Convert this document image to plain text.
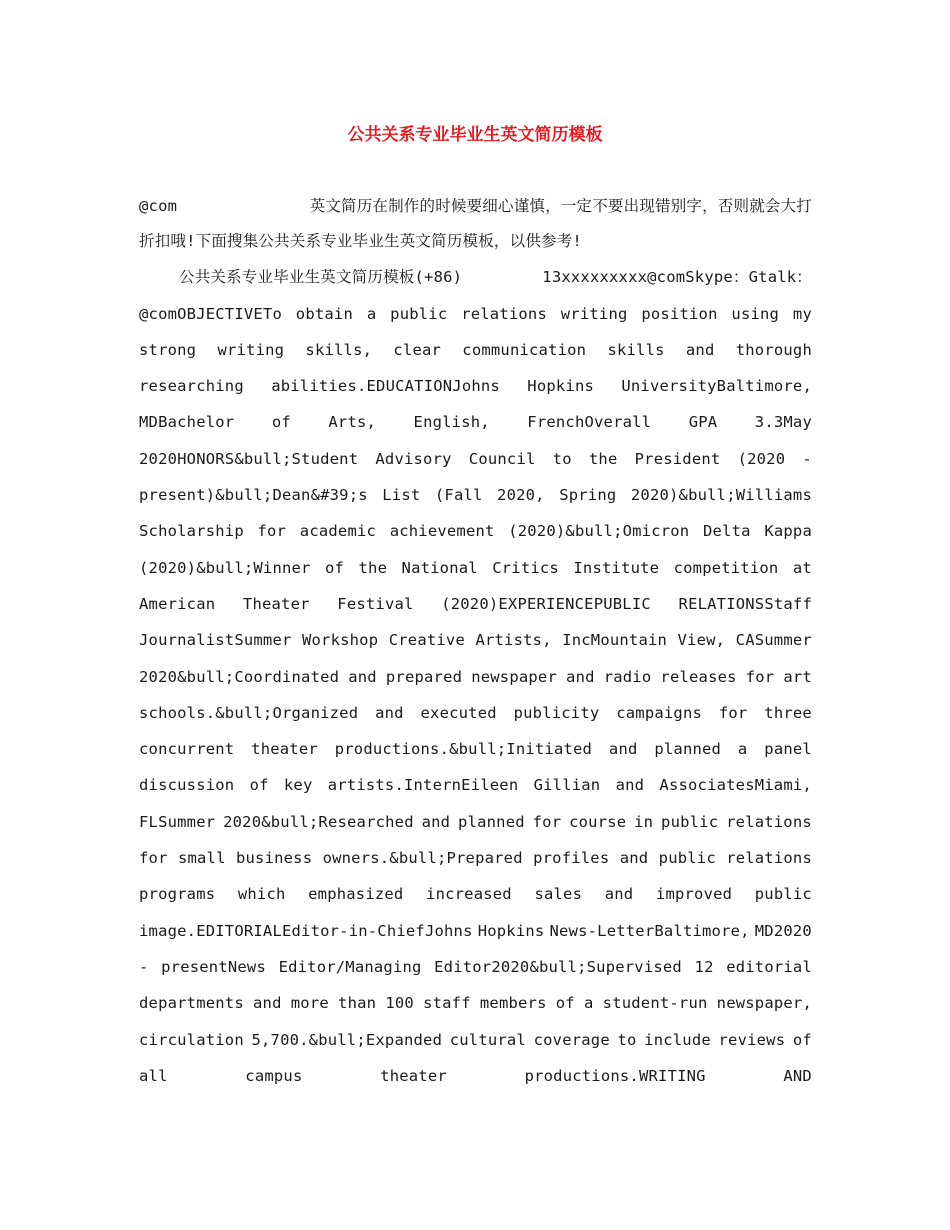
公共关系专业毕业生英文简历模板
@com	英文简历在制作的时候要细心谨慎，一定不要出现错别字，否则就会大打
折扣哦!下面搜集公共关系专业毕业生英文简历模板，以供参考!
公共关系专业毕业生英文简历模板(+86)	13xxxxxxxxx@comSkype：Gtalk：
@comOBJECTIVETo obtain a public relations writing position using my
strong writing skills, clear communication skills and thorough
researching abilities.EDUCATIONJohns Hopkins UniversityBaltimore,
MDBachelor of Arts, English, FrenchOverall GPA 3.3May
2020HONORS&bull;Student Advisory Council to the President (2020 -
present)&bull;Dean&#39;s List (Fall 2020, Spring 2020)&bull;Williams
Scholarship for academic achievement (2020)&bull;Omicron Delta Kappa
(2020)&bull;Winner of the National Critics Institute competition at
American Theater Festival (2020)EXPERIENCEPUBLIC RELATIONSStaff
JournalistSummer Workshop Creative Artists, IncMountain View, CASummer
2020&bull;Coordinated and prepared newspaper and radio releases for art
schools.&bull;Organized and executed publicity campaigns for three
concurrent theater productions.&bull;Initiated and planned a panel
discussion of key artists.InternEileen Gillian and AssociatesMiami,
FLSummer 2020&bull;Researched and planned for course in public relations
for small business owners.&bull;Prepared profiles and public relations
programs which emphasized increased sales and improved public
image.EDITORIALEditor-in-ChiefJohns Hopkins News-LetterBaltimore, MD2020
- presentNews Editor/Managing Editor2020&bull;Supervised 12 editorial
departments and more than 100 staff members of a student-run newspaper,
circulation 5,700.&bull;Expanded cultural coverage to include reviews of
all	campus	theater	productions.WRITING	AND
